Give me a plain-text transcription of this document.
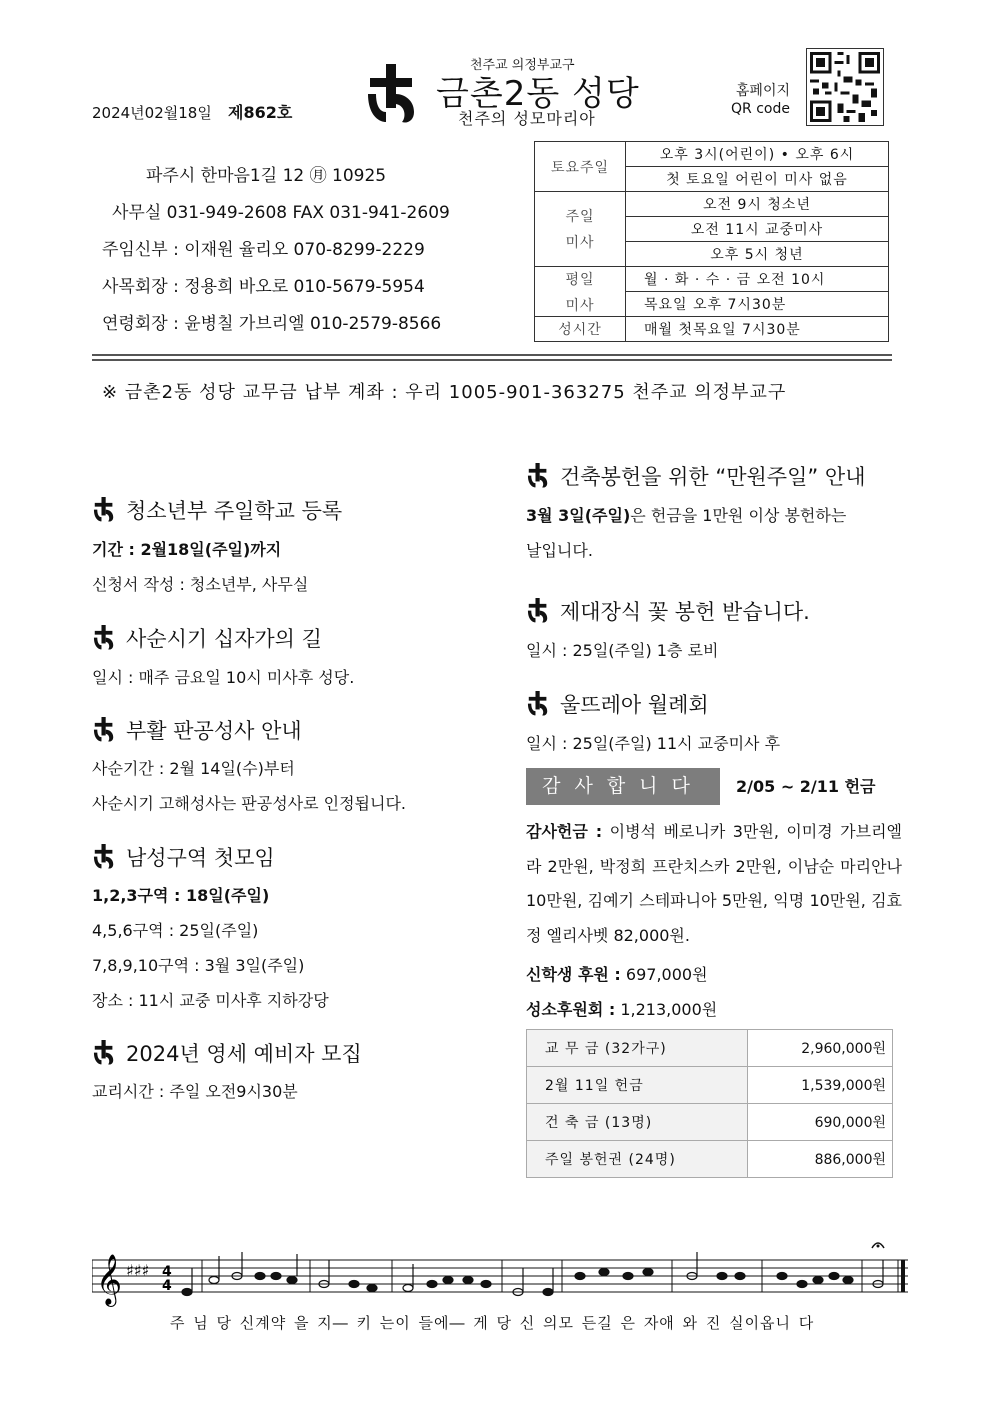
천주교 의정부교구
금촌2동 성당
천주의 성모마리아
2024년02월18일 제862호
홈페이지
QR code
파주시 한마음1길 12 ㊊ 10925
사무실 031-949-2608 FAX 031-941-2609
주임신부 : 이재원 율리오 070-8299-2229
사목회장 : 정용희 바오로 010-5679-5954
연령회장 : 윤병칠 가브리엘 010-2579-8566
토요주일	오후 3시(어린이) • 오후 6시
	첫 토요일 어린이 미사 없음

주일
미사	오전 9시 청소년
	오전 11시 교중미사
	오후 5시 청년

평일
미사	월 · 화 · 수 · 금 오전 10시
	목요일 오후 7시30분
성시간	매월 첫목요일 7시30분
※ 금촌2동 성당 교무금 납부 계좌 : 우리 1005-901-363275 천주교 의정부교구
청소년부 주일학교 등록
기간 : 2월18일(주일)까지
신청서 작성 : 청소년부, 사무실
사순시기 십자가의 길
일시 : 매주 금요일 10시 미사후 성당.
부활 판공성사 안내
사순기간 : 2월 14일(수)부터
사순시기 고해성사는 판공성사로 인정됩니다.
남성구역 첫모임
1,2,3구역 : 18일(주일)
4,5,6구역 : 25일(주일)
7,8,9,10구역 : 3월 3일(주일)
장소 : 11시 교중 미사후 지하강당
2024년 영세 예비자 모집
교리시간 : 주일 오전9시30분
건축봉헌을 위한 “만원주일” 안내
3월 3일(주일)은 헌금을 1만원 이상 봉헌하는
날입니다.
제대장식 꽃 봉헌 받습니다.
일시 : 25일(주일) 1층 로비
울뜨레아 월례회
일시 : 25일(주일) 11시 교중미사 후
감사합니다	2/05 ~ 2/11 헌금
감사헌금 : 이병석 베로니카 3만원, 이미경 가브리엘라 2만원, 박정희 프란치스카 2만원, 이남순 마리안나 10만원, 김예기 스테파니아 5만원, 익명 10만원, 김효정 엘리사벳 82,000원.
신학생 후원 : 697,000원
성소후원회 : 1,213,000원
교 무 금 (32가구)	2,960,000원
2월 11일 헌금	1,539,000원
건 축 금 (13명)	690,000원
주일 봉헌권 (24명)	886,000원
𝄞 ♯♯♯ 4
4
주 님 당 신계약 을 지― 키 는이 들에― 게 당 신 의모 든길 은 자애 와 진 실이옵니 다
